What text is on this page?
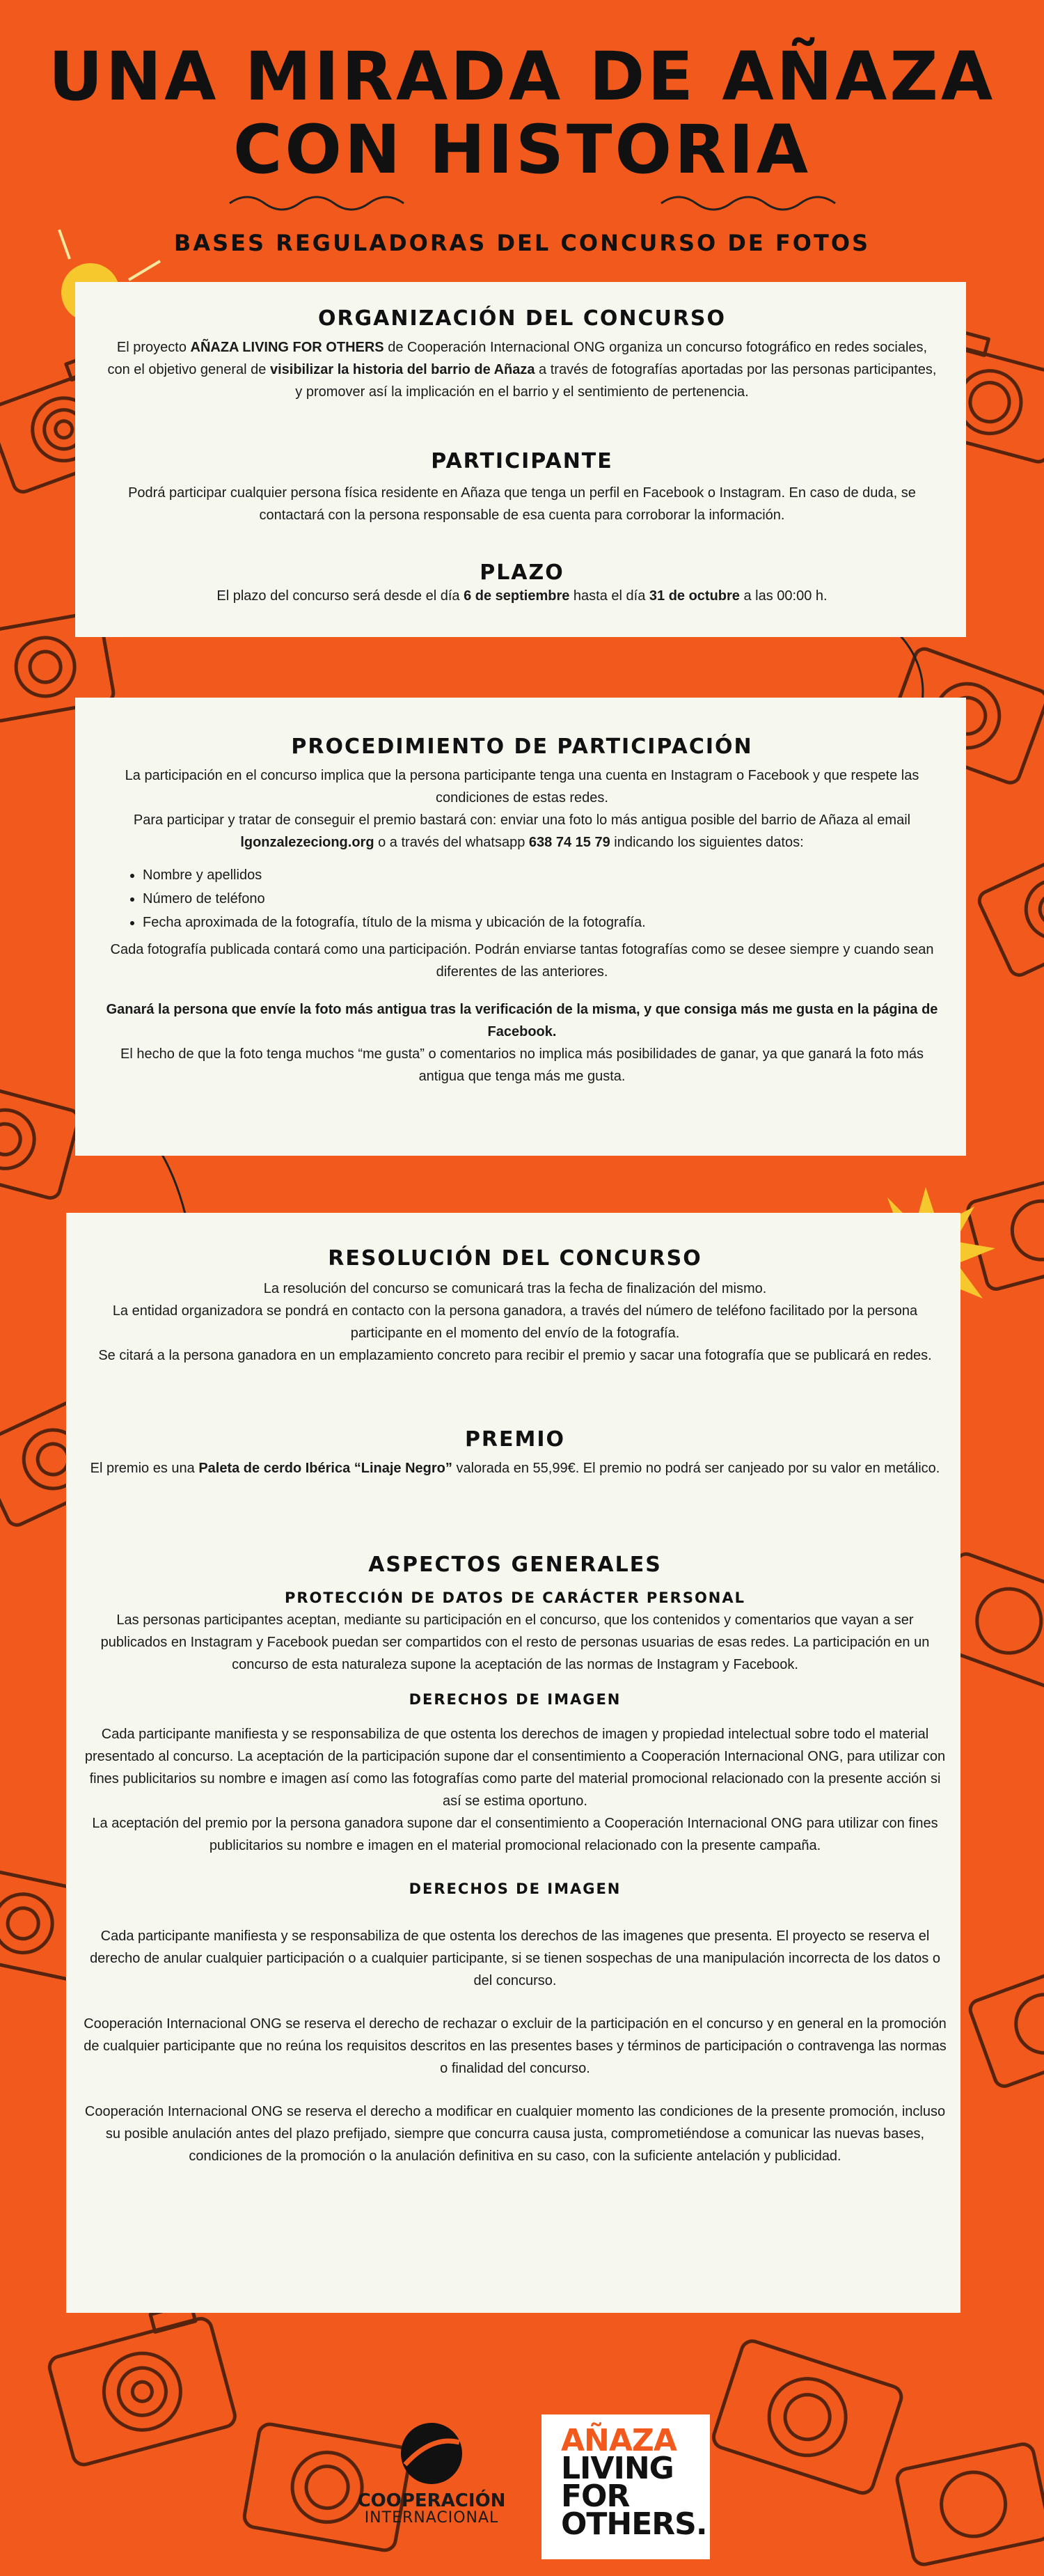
UNA MIRADA DE AÑAZA
CON HISTORIA
BASES REGULADORAS DEL CONCURSO DE FOTOS
ORGANIZACIÓN DEL CONCURSO

El proyecto AÑAZA LIVING FOR OTHERS de Cooperación Internacional ONG organiza un concurso fotográfico en redes sociales, con el objetivo general de visibilizar la historia del barrio de Añaza a través de fotografías aportadas por las personas participantes, y promover así la implicación en el barrio y el sentimiento de pertenencia.

PARTICIPANTE

Podrá participar cualquier persona física residente en Añaza que tenga un perfil en Facebook o Instagram. En caso de duda, se contactará con la persona responsable de esa cuenta para corroborar la información.

PLAZO

El plazo del concurso será desde el día 6 de septiembre hasta el día 31 de octubre a las 00:00 h.

PROCEDIMIENTO DE PARTICIPACIÓN

La participación en el concurso implica que la persona participante tenga una cuenta en Instagram o Facebook y que respete las condiciones de estas redes.

Para participar y tratar de conseguir el premio bastará con: enviar una foto lo más antigua posible del barrio de Añaza al email lgonzalezeciong.org o a través del whatsapp 638 74 15 79 indicando los siguientes datos:

• Nombre y apellidos
• Número de teléfono
• Fecha aproximada de la fotografía, título de la misma y ubicación de la fotografía.

Cada fotografía publicada contará como una participación. Podrán enviarse tantas fotografías como se desee siempre y cuando sean diferentes de las anteriores.

Ganará la persona que envíe la foto más antigua tras la verificación de la misma, y que consiga más me gusta en la página de Facebook.

El hecho de que la foto tenga muchos “me gusta” o comentarios no implica más posibilidades de ganar, ya que ganará la foto más antigua que tenga más me gusta.

RESOLUCIÓN DEL CONCURSO

La resolución del concurso se comunicará tras la fecha de finalización del mismo.

La entidad organizadora se pondrá en contacto con la persona ganadora, a través del número de teléfono facilitado por la persona participante en el momento del envío de la fotografía.

Se citará a la persona ganadora en un emplazamiento concreto para recibir el premio y sacar una fotografía que se publicará en redes.

PREMIO

El premio es una Paleta de cerdo Ibérica “Linaje Negro” valorada en 55,99€. El premio no podrá ser canjeado por su valor en metálico.

ASPECTOS GENERALES
PROTECCIÓN DE DATOS DE CARÁCTER PERSONAL

Las personas participantes aceptan, mediante su participación en el concurso, que los contenidos y comentarios que vayan a ser publicados en Instagram y Facebook puedan ser compartidos con el resto de personas usuarias de esas redes. La participación en un concurso de esta naturaleza supone la aceptación de las normas de Instagram y Facebook.

DERECHOS DE IMAGEN

Cada participante manifiesta y se responsabiliza de que ostenta los derechos de imagen y propiedad intelectual sobre todo el material presentado al concurso. La aceptación de la participación supone dar el consentimiento a Cooperación Internacional ONG, para utilizar con fines publicitarios su nombre e imagen así como las fotografías como parte del material promocional relacionado con la presente acción si así se estima oportuno.

La aceptación del premio por la persona ganadora supone dar el consentimiento a Cooperación Internacional ONG para utilizar con fines publicitarios su nombre e imagen en el material promocional relacionado con la presente campaña.

DERECHOS DE IMAGEN

Cada participante manifiesta y se responsabiliza de que ostenta los derechos de las imagenes que presenta. El proyecto se reserva el derecho de anular cualquier participación o a cualquier participante, si se tienen sospechas de una manipulación incorrecta de los datos o del concurso.

Cooperación Internacional ONG se reserva el derecho de rechazar o excluir de la participación en el concurso y en general en la promoción de cualquier participante que no reúna los requisitos descritos en las presentes bases y términos de participación o contravenga las normas o finalidad del concurso.

Cooperación Internacional ONG se reserva el derecho a modificar en cualquier momento las condiciones de la presente promoción, incluso su posible anulación antes del plazo prefijado, siempre que concurra causa justa, comprometiéndose a comunicar las nuevas bases, condiciones de la promoción o la anulación definitiva en su caso, con la suficiente antelación y publicidad.

COOPERACIÓN
INTERNACIONAL
AÑAZA
LIVING
FOR
OTHERS.
